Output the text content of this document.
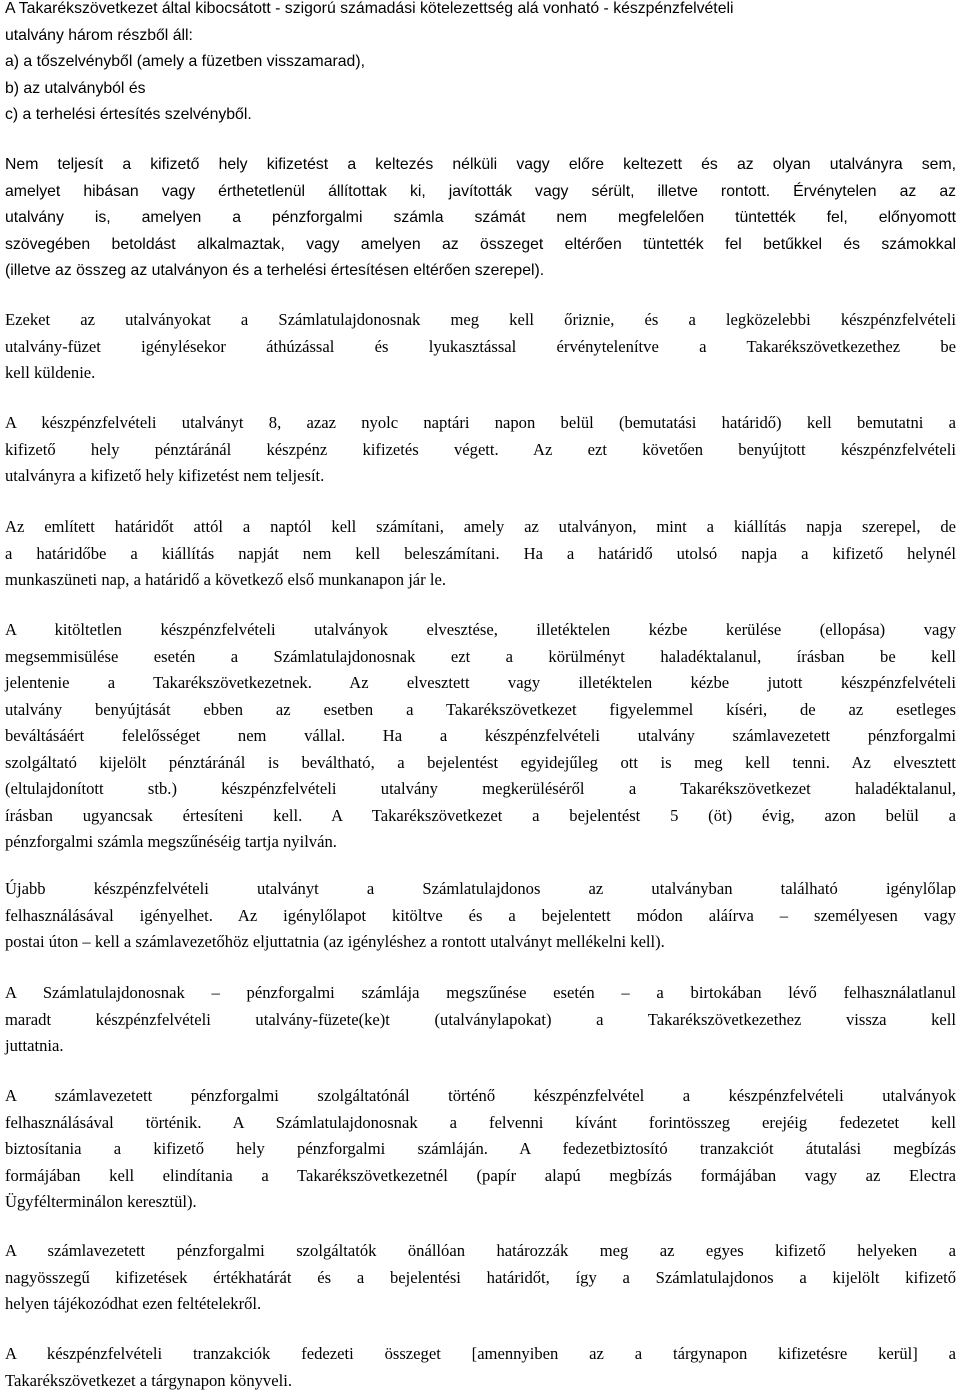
A Takarékszövetkezet által kibocsátott - szigorú számadási kötelezettség alá vonható - készpénzfelvételi
utalvány három részből áll:
a) a tőszelvényből (amely a füzetben visszamarad),
b) az utalványból és
c) a terhelési értesítés szelvényből.
Nem teljesít a kifizető hely kifizetést a keltezés nélküli vagy előre keltezett és az olyan utalványra sem,
amelyet hibásan vagy érthetetlenül állítottak ki, javították vagy sérült, illetve rontott. Érvénytelen az az
utalvány is, amelyen a pénzforgalmi számla számát nem megfelelően tüntették fel, előnyomott
szövegében betoldást alkalmaztak, vagy amelyen az összeget eltérően tüntették fel betűkkel és számokkal
(illetve az összeg az utalványon és a terhelési értesítésen eltérően szerepel).
Ezeket az utalványokat a Számlatulajdonosnak meg kell őriznie, és a legközelebbi készpénzfelvételi
utalvány-füzet igénylésekor áthúzással és lyukasztással érvénytelenítve a Takarékszövetkezethez be
kell küldenie.
A készpénzfelvételi utalványt 8, azaz nyolc naptári napon belül (bemutatási határidő) kell bemutatni a
kifizető hely pénztáránál készpénz kifizetés végett. Az ezt követően benyújtott készpénzfelvételi
utalványra a kifizető hely kifizetést nem teljesít.
Az említett határidőt attól a naptól kell számítani, amely az utalványon, mint a kiállítás napja szerepel, de
a határidőbe a kiállítás napját nem kell beleszámítani. Ha a határidő utolsó napja a kifizető helynél
munkaszüneti nap, a határidő a következő első munkanapon jár le.
A kitöltetlen készpénzfelvételi utalványok elvesztése, illetéktelen kézbe kerülése (ellopása) vagy
megsemmisülése esetén a Számlatulajdonosnak ezt a körülményt haladéktalanul, írásban be kell
jelentenie a Takarékszövetkezetnek. Az elvesztett vagy illetéktelen kézbe jutott készpénzfelvételi
utalvány benyújtását ebben az esetben a Takarékszövetkezet figyelemmel kíséri, de az esetleges
beváltásáért felelősséget nem vállal. Ha a készpénzfelvételi utalvány számlavezetett pénzforgalmi
szolgáltató kijelölt pénztáránál is beváltható, a bejelentést egyidejűleg ott is meg kell tenni. Az elvesztett
(eltulajdonított stb.) készpénzfelvételi utalvány megkerüléséről a Takarékszövetkezet haladéktalanul,
írásban ugyancsak értesíteni kell. A Takarékszövetkezet a bejelentést 5 (öt) évig, azon belül a
pénzforgalmi számla megszűnéséig tartja nyilván.
Újabb készpénzfelvételi utalványt a Számlatulajdonos az utalványban található igénylőlap
felhasználásával igényelhet. Az igénylőlapot kitöltve és a bejelentett módon aláírva – személyesen vagy
postai úton – kell a számlavezetőhöz eljuttatnia (az igényléshez a rontott utalványt mellékelni kell).
A Számlatulajdonosnak – pénzforgalmi számlája megszűnése esetén – a birtokában lévő felhasználatlanul
maradt készpénzfelvételi utalvány-füzete(ke)t (utalványlapokat) a Takarékszövetkezethez vissza kell
juttatnia.
A számlavezetett pénzforgalmi szolgáltatónál történő készpénzfelvétel a készpénzfelvételi utalványok
felhasználásával történik. A Számlatulajdonosnak a felvenni kívánt forintösszeg erejéig fedezetet kell
biztosítania a kifizető hely pénzforgalmi számláján. A fedezetbiztosító tranzakciót átutalási megbízás
formájában kell elindítania a Takarékszövetkezetnél (papír alapú megbízás formájában vagy az Electra
Ügyfélterminálon keresztül).
A számlavezetett pénzforgalmi szolgáltatók önállóan határozzák meg az egyes kifizető helyeken a
nagyösszegű kifizetések értékhatárát és a bejelentési határidőt, így a Számlatulajdonos a kijelölt kifizető
helyen tájékozódhat ezen feltételekről.
A készpénzfelvételi tranzakciók fedezeti összeget [amennyiben az a tárgynapon kifizetésre kerül] a
Takarékszövetkezet a tárgynapon könyveli.
